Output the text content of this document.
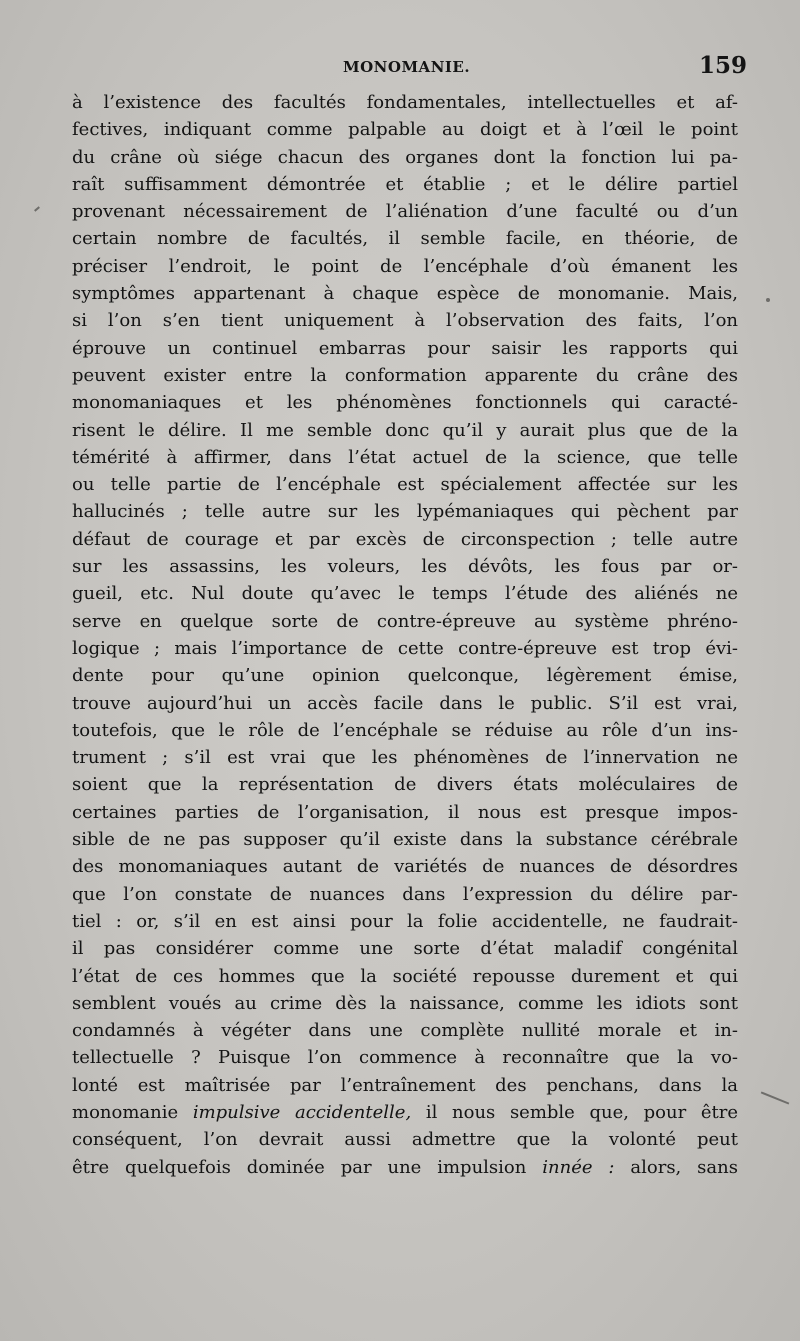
MONOMANIE.	159
à l’existence des facultés fondamentales, intellectuelles et af-
fectives, indiquant comme palpable au doigt et à l’œil le point
du crâne où siége chacun des organes dont la fonction lui pa-
raît suffisamment démontrée et établie ; et le délire partiel
provenant nécessairement de l’aliénation d’une faculté ou d’un
certain nombre de facultés, il semble facile, en théorie, de
préciser l’endroit, le point de l’encéphale d’où émanent les
symptômes appartenant à chaque espèce de monomanie. Mais,
si l’on s’en tient uniquement à l’observation des faits, l’on
éprouve un continuel embarras pour saisir les rapports qui
peuvent exister entre la conformation apparente du crâne des
monomaniaques et les phénomènes fonctionnels qui caracté-
risent le délire. Il me semble donc qu’il y aurait plus que de la
témérité à affirmer, dans l’état actuel de la science, que telle
ou telle partie de l’encéphale est spécialement affectée sur les
hallucinés ; telle autre sur les lypémaniaques qui pèchent par
défaut de courage et par excès de circonspection ; telle autre
sur les assassins, les voleurs, les dévôts, les fous par or-
gueil, etc. Nul doute qu’avec le temps l’étude des aliénés ne
serve en quelque sorte de contre-épreuve au système phréno-
logique ; mais l’importance de cette contre-épreuve est trop évi-
dente pour qu’une opinion quelconque, légèrement émise,
trouve aujourd’hui un accès facile dans le public. S’il est vrai,
toutefois, que le rôle de l’encéphale se réduise au rôle d’un ins-
trument ; s’il est vrai que les phénomènes de l’innervation ne
soient que la représentation de divers états moléculaires de
certaines parties de l’organisation, il nous est presque impos-
sible de ne pas supposer qu’il existe dans la substance cérébrale
des monomaniaques autant de variétés de nuances de désordres
que l’on constate de nuances dans l’expression du délire par-
tiel : or, s’il en est ainsi pour la folie accidentelle, ne faudrait-
il pas considérer comme une sorte d’état maladif congénital
l’état de ces hommes que la société repousse durement et qui
semblent voués au crime dès la naissance, comme les idiots sont
condamnés à végéter dans une complète nullité morale et in-
tellectuelle ? Puisque l’on commence à reconnaître que la vo-
lonté est maîtrisée par l’entraînement des penchans, dans la
monomanie impulsive accidentelle, il nous semble que, pour être
conséquent, l’on devrait aussi admettre que la volonté peut
être quelquefois dominée par une impulsion innée : alors, sans
